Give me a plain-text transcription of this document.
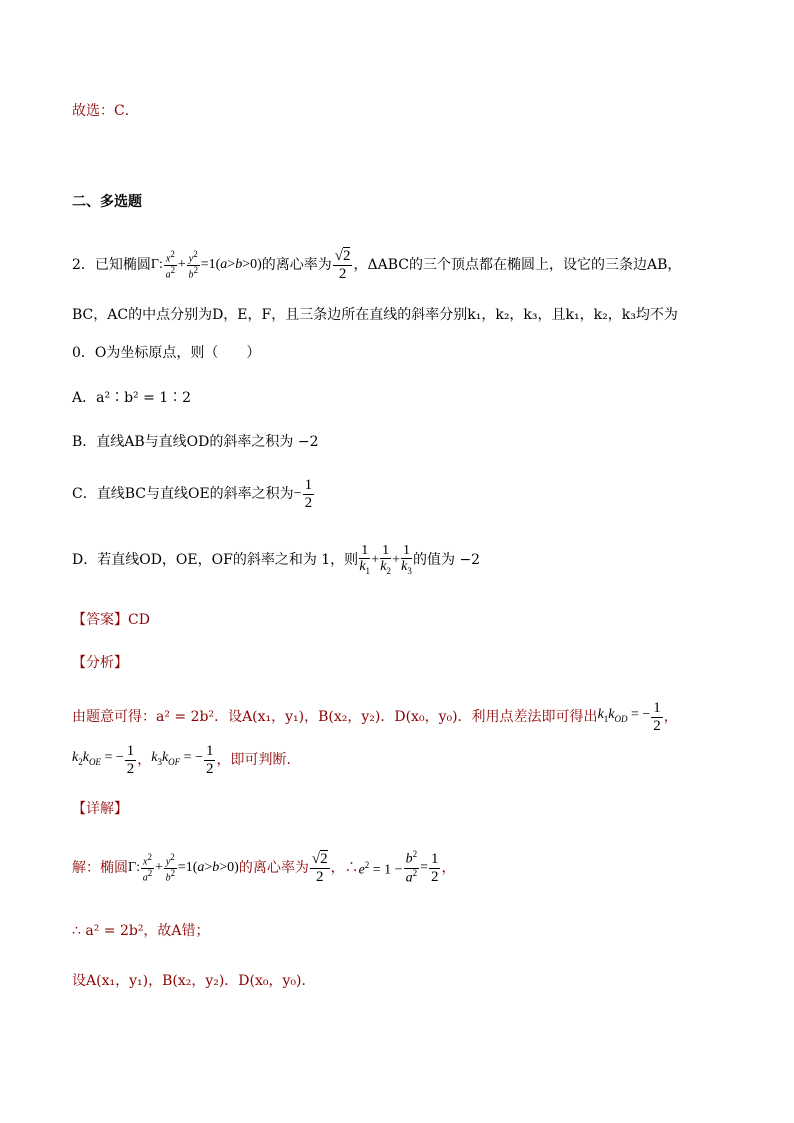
故选：C．
二、多选题
2．已知椭圆 Γ: $\frac{x^2}{a^2} + \frac{y^2}{b^2} =1(a>b>0)$ 的离心率为 $\frac{√2}{2}$ ，ΔABC的三个顶点都在椭圆上，设它的三条边AB，
BC，AC的中点分别为D，E，F，且三条边所在直线的斜率分别k₁，k₂，k₃，且k₁，k₂，k₃均不为
0．O为坐标原点，则（　　）
A．a²∶b² = 1∶2
B．直线AB与直线OD的斜率之积为 −2
C．直线BC与直线OE的斜率之积为 − $\frac{1}{2}$
D．若直线OD，OE，OF的斜率之和为 1，则 $\frac{1}{k_1} + \frac{1}{k_2} + \frac{1}{k_3}$ 的值为 −2
【答案】CD
【分析】
由题意可得：a² = 2b²．设A(x₁，y₁)，B(x₂，y₂)．D(x₀，y₀)．利用点差法即可得出 $k_1k_{OD}$ = − $\frac{1}{2}$ ，
$k_2k_{OE}$ = − $\frac{1}{2}$ ， $k_3k_{OF}$ = − $\frac{1}{2}$ ，即可判断．
【详解】
解：椭圆 Γ: $\frac{x^2}{a^2} + \frac{y^2}{b^2} =1(a>b>0)$ 的离心率为 $\frac{√2}{2}$ ，∴ $e^2 = 1 - \frac{b^2}{a^2} = \frac{1}{2}$ ，
∴ a² = 2b²，故A错；
设A(x₁，y₁)，B(x₂，y₂)．D(x₀，y₀)．
